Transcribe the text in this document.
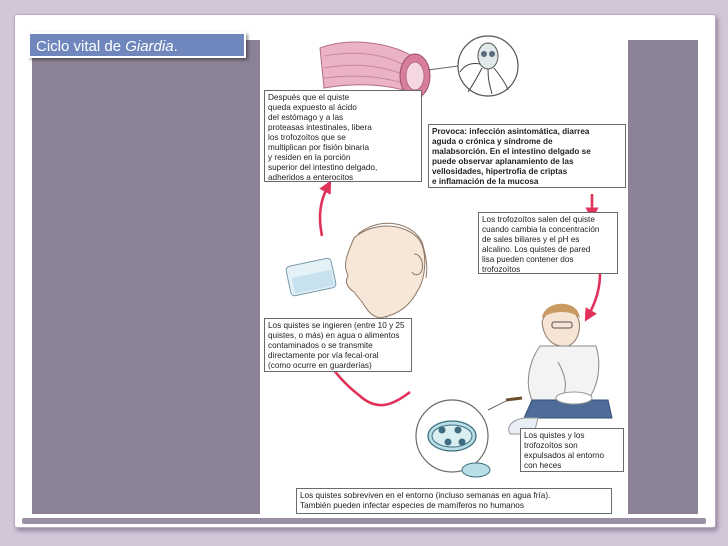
Ciclo vital de Giardia.
Después que el quiste
queda expuesto al ácido
del estómago y a las
proteasas intestinales, libera
los trofozoítos que se
multiplican por fisión binaria
y residen en la porción
superior del intestino delgado,
adheridos a enterocitos
Provoca: infección asintomática, diarrea
aguda o crónica y síndrome de
malabsorción. En el intestino delgado se
puede observar aplanamiento de las
vellosidades, hipertrofia de criptas
e inflamación de la mucosa
Los trofozoítos salen del quiste
cuando cambia la concentración
de sales biliares y el pH es
alcalino. Los quistes de pared
lisa pueden contener dos
trofozoítos
Los quistes se ingieren (entre 10 y 25
quistes, o más) en agua o alimentos
contaminados o se transmite
directamente por vía fecal-oral
(como ocurre en guarderías)
Los quistes y los
trofozoítos son
expulsados al entorno
con heces
Los quistes sobreviven en el entorno (incluso semanas en agua fría).
También pueden infectar especies de mamíferos no humanos
